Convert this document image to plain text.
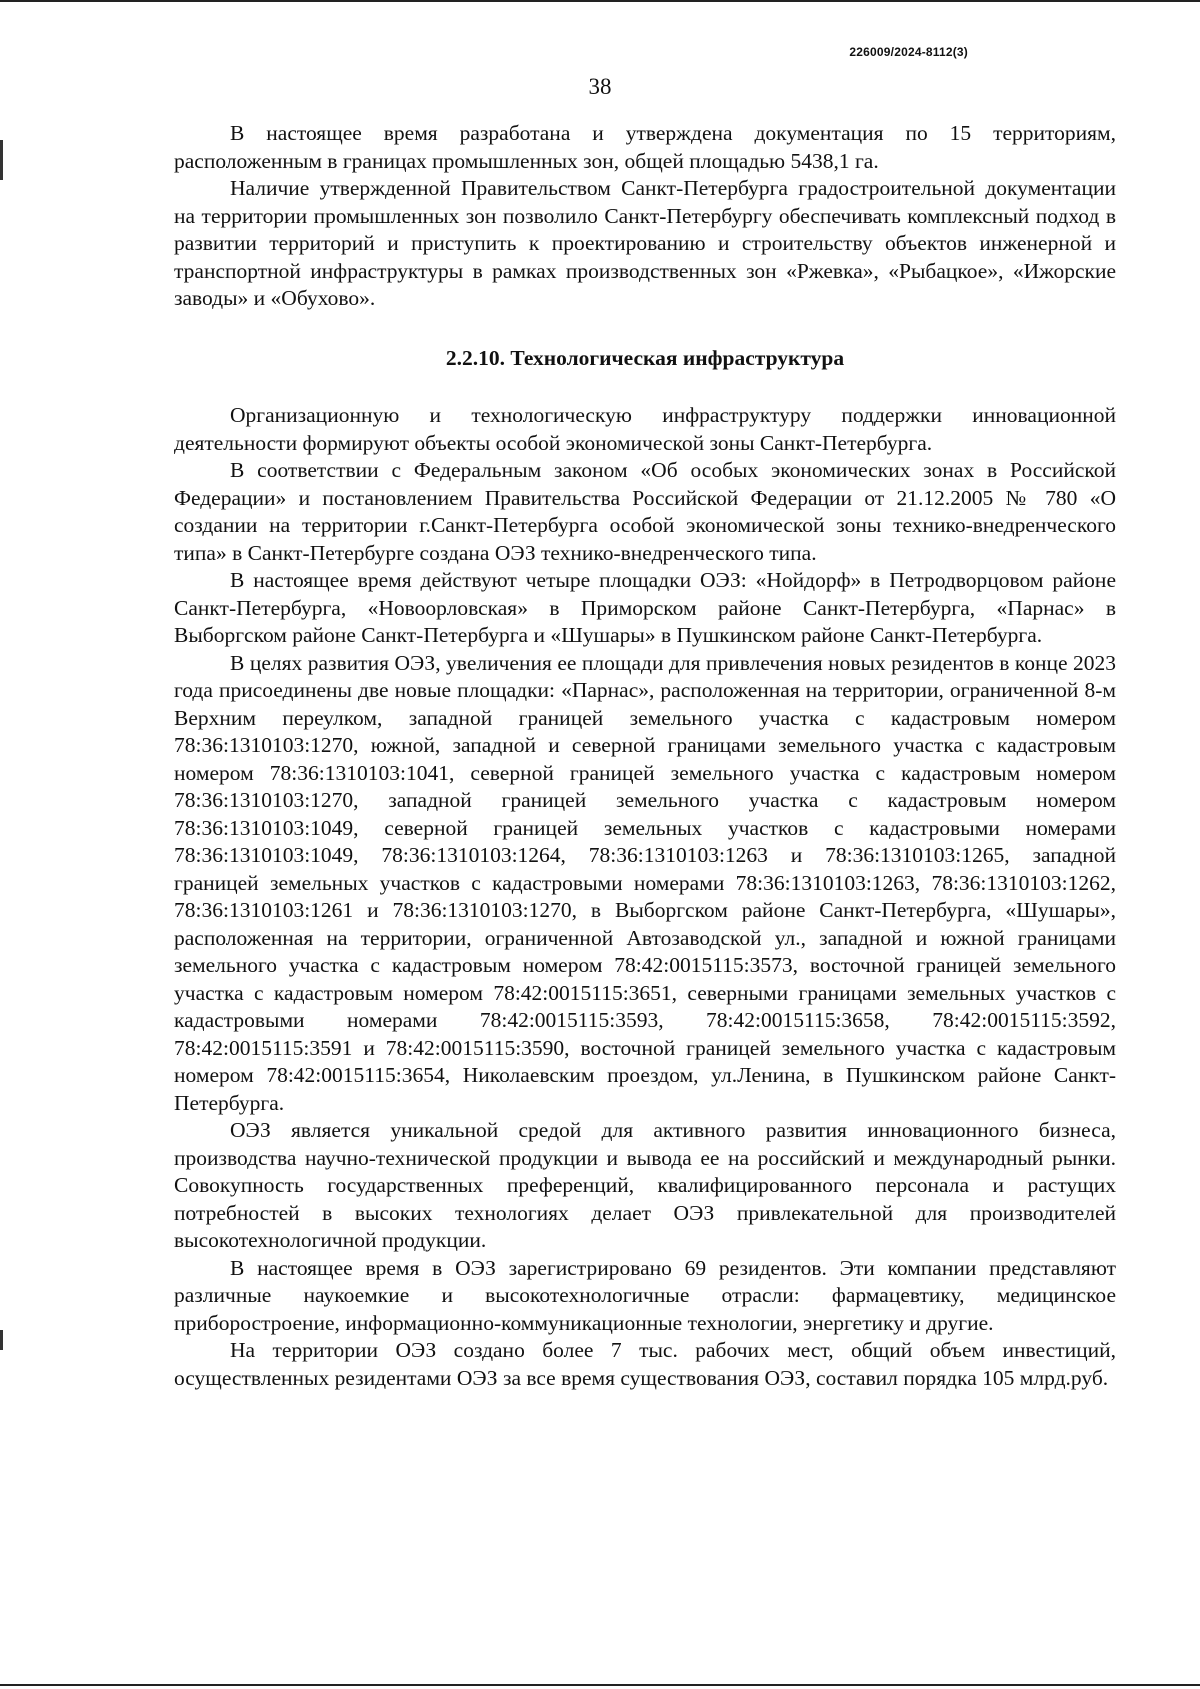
226009/2024-8112(3)
38

В настоящее время разработана и утверждена документация по 15 территориям, расположенным в границах промышленных зон, общей площадью 5438,1 га.

Наличие утвержденной Правительством Санкт-Петербурга градостроительной документации на территории промышленных зон позволило Санкт-Петербургу обеспечивать комплексный подход в развитии территорий и приступить к проектированию и строительству объектов инженерной и транспортной инфраструктуры в рамках производственных зон «Ржевка», «Рыбацкое», «Ижорские заводы» и «Обухово».

2.2.10. Технологическая инфраструктура

Организационную и технологическую инфраструктуру поддержки инновационной деятельности формируют объекты особой экономической зоны Санкт-Петербурга.

В соответствии с Федеральным законом «Об особых экономических зонах в Российской Федерации» и постановлением Правительства Российской Федерации от 21.12.2005 № 780 «О создании на территории г.Санкт-Петербурга особой экономической зоны технико-внедренческого типа» в Санкт-Петербурге создана ОЭЗ технико-внедренческого типа.

В настоящее время действуют четыре площадки ОЭЗ: «Нойдорф» в Петродворцовом районе Санкт-Петербурга, «Новоорловская» в Приморском районе Санкт-Петербурга, «Парнас» в Выборгском районе Санкт-Петербурга и «Шушары» в Пушкинском районе Санкт-Петербурга.

В целях развития ОЭЗ, увеличения ее площади для привлечения новых резидентов в конце 2023 года присоединены две новые площадки: «Парнас», расположенная на территории, ограниченной 8-м Верхним переулком, западной границей земельного участка с кадастровым номером 78:36:1310103:1270, южной, западной и северной границами земельного участка с кадастровым номером 78:36:1310103:1041, северной границей земельного участка с кадастровым номером 78:36:1310103:1270, западной границей земельного участка с кадастровым номером 78:36:1310103:1049, северной границей земельных участков с кадастровыми номерами 78:36:1310103:1049, 78:36:1310103:1264, 78:36:1310103:1263 и 78:36:1310103:1265, западной границей земельных участков с кадастровыми номерами 78:36:1310103:1263, 78:36:1310103:1262, 78:36:1310103:1261 и 78:36:1310103:1270, в Выборгском районе Санкт-Петербурга, «Шушары», расположенная на территории, ограниченной Автозаводской ул., западной и южной границами земельного участка с кадастровым номером 78:42:0015115:3573, восточной границей земельного участка с кадастровым номером 78:42:0015115:3651, северными границами земельных участков с кадастровыми номерами 78:42:0015115:3593, 78:42:0015115:3658, 78:42:0015115:3592, 78:42:0015115:3591 и 78:42:0015115:3590, восточной границей земельного участка с кадастровым номером 78:42:0015115:3654, Николаевским проездом, ул.Ленина, в Пушкинском районе Санкт-Петербурга.

ОЭЗ является уникальной средой для активного развития инновационного бизнеса, производства научно-технической продукции и вывода ее на российский и международный рынки. Совокупность государственных преференций, квалифицированного персонала и растущих потребностей в высоких технологиях делает ОЭЗ привлекательной для производителей высокотехнологичной продукции.

В настоящее время в ОЭЗ зарегистрировано 69 резидентов. Эти компании представляют различные наукоемкие и высокотехнологичные отрасли: фармацевтику, медицинское приборостроение, информационно-коммуникационные технологии, энергетику и другие.

На территории ОЭЗ создано более 7 тыс. рабочих мест, общий объем инвестиций, осуществленных резидентами ОЭЗ за все время существования ОЭЗ, составил порядка 105 млрд.руб.
